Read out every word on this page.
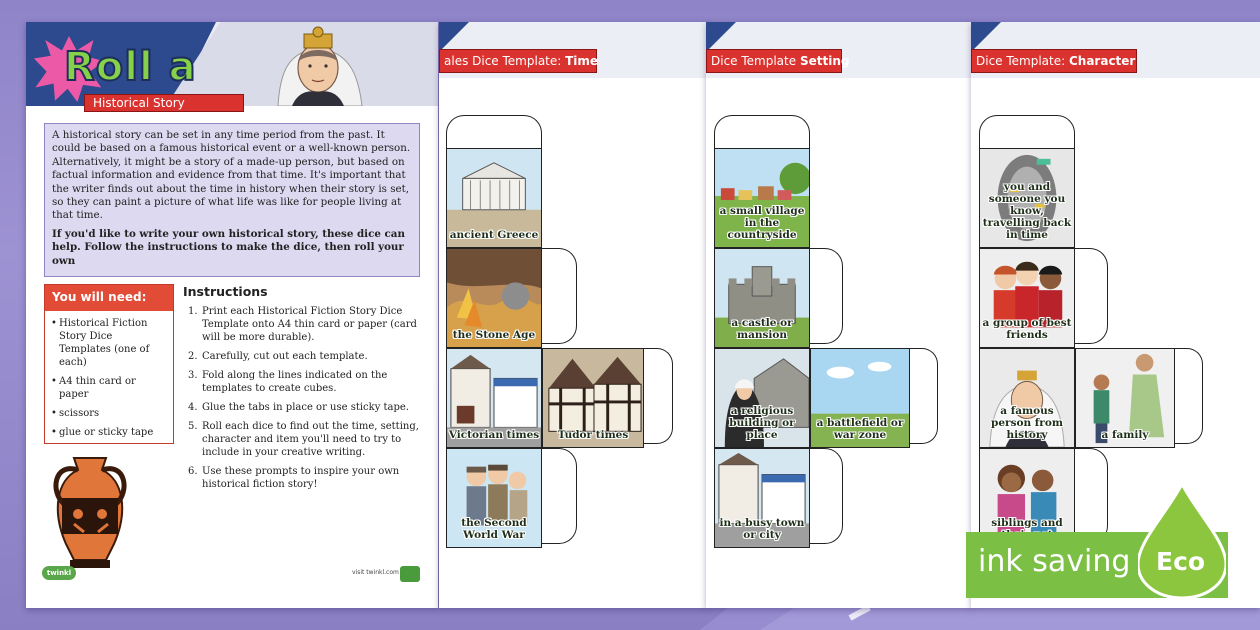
Roll a
Historical Story

A historical story can be set in any time period from the past. It could be based on a famous historical event or a well-known person. Alternatively, it might be a story of a made-up person, but based on factual information and evidence from that time. It's important that the writer finds out about the time in history when their story is set, so they can paint a picture of what life was like for people living at that time.

If you'd like to write your own historical story, these dice can help. Follow the instructions to make the dice, then roll your own

You will need:
• Historical Fiction Story Dice Templates (one of each)
• A4 thin card or paper
• scissors
• glue or sticky tape
Instructions
1. Print each Historical Fiction Story Dice Template onto A4 thin card or paper (card will be more durable).
2. Carefully, cut out each template.
3. Fold along the lines indicated on the templates to create cubes.
4. Glue the tabs in place or use sticky tape.
5. Roll each dice to find out the time, setting, character and item you'll need to try to include in your creative writing.
6. Use these prompts to inspire your own historical fiction story!
twinkl	visit twinkl.com
ales Dice Template: Time
ancient Greece
the Stone Age
Victorian times	Tudor times
the Second World War
Dice Template Setting
a small village in the countryside
a castle or mansion
a religious building or place
a battlefield or war zone
in a busy town or city
Dice Template: Character
you and someone you know, travelling back in time
a group of best friends
a famous person from history	a family
siblings and
ink saving Eco
